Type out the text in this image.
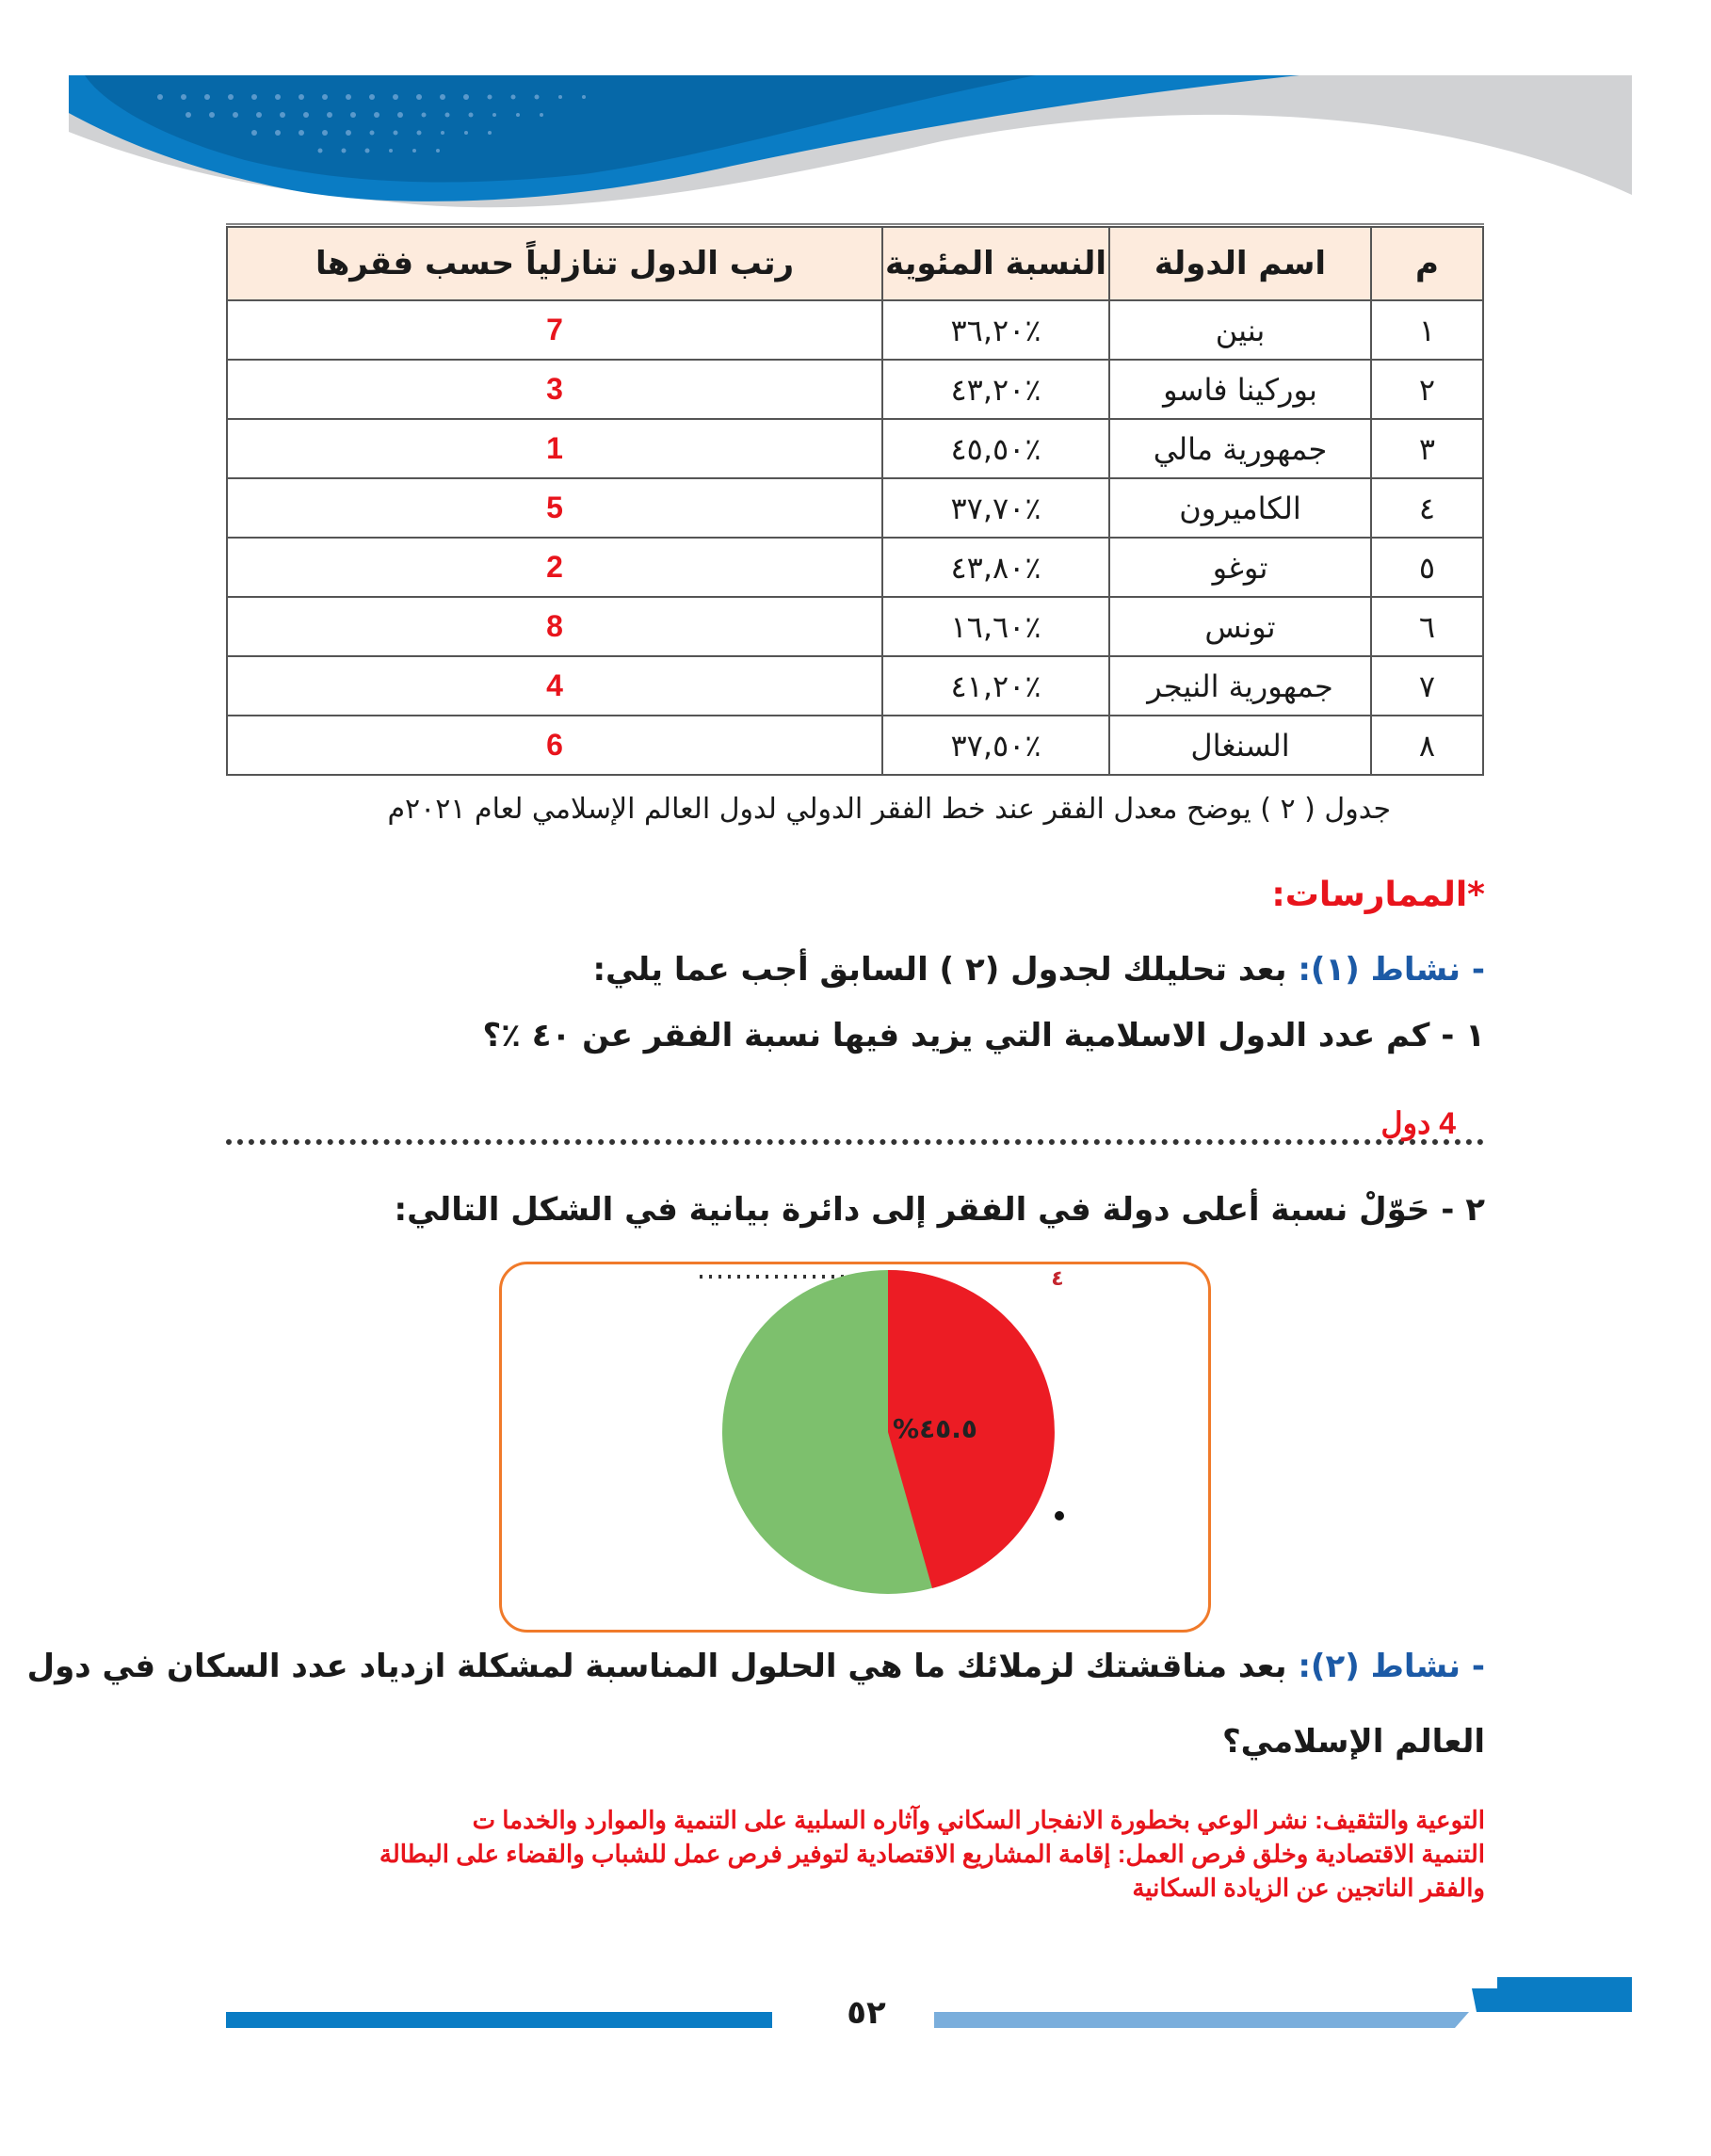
م	اسم الدولة	النسبة المئوية	رتب الدول تنازلياً حسب فقرها
١	بنين	٪٣٦,٢٠	7
٢	بوركينا فاسو	٪٤٣,٢٠	3
٣	جمهورية مالي	٪٤٥,٥٠	1
٤	الكاميرون	٪٣٧,٧٠	5
٥	توغو	٪٤٣,٨٠	2
٦	تونس	٪١٦,٦٠	8
٧	جمهورية النيجر	٪٤١,٢٠	4
٨	السنغال	٪٣٧,٥٠	6
جدول ( ٢ ) يوضح معدل الفقر عند خط الفقر الدولي لدول العالم الإسلامي لعام ٢٠٢١م
*الممارسات:
- نشاط (١): بعد تحليلك لجدول (٢ ) السابق أجب عما يلي:
١ - كم عدد الدول الاسلامية التي يزيد فيها نسبة الفقر عن ٤٠ ٪؟
4 دول
٢ - حَوّلْ نسبة أعلى دولة في الفقر إلى دائرة بيانية في الشكل التالي:
%٤٥.٥
٤
- نشاط (٢): بعد مناقشتك لزملائك ما هي الحلول المناسبة لمشكلة ازدياد عدد السكان في دول
العالم الإسلامي؟
التوعية والتثقيف: نشر الوعي بخطورة الانفجار السكاني وآثاره السلبية على التنمية والموارد والخدما ت
التنمية الاقتصادية وخلق فرص العمل: إقامة المشاريع الاقتصادية لتوفير فرص عمل للشباب والقضاء على البطالة
والفقر الناتجين عن الزيادة السكانية
٥٢
